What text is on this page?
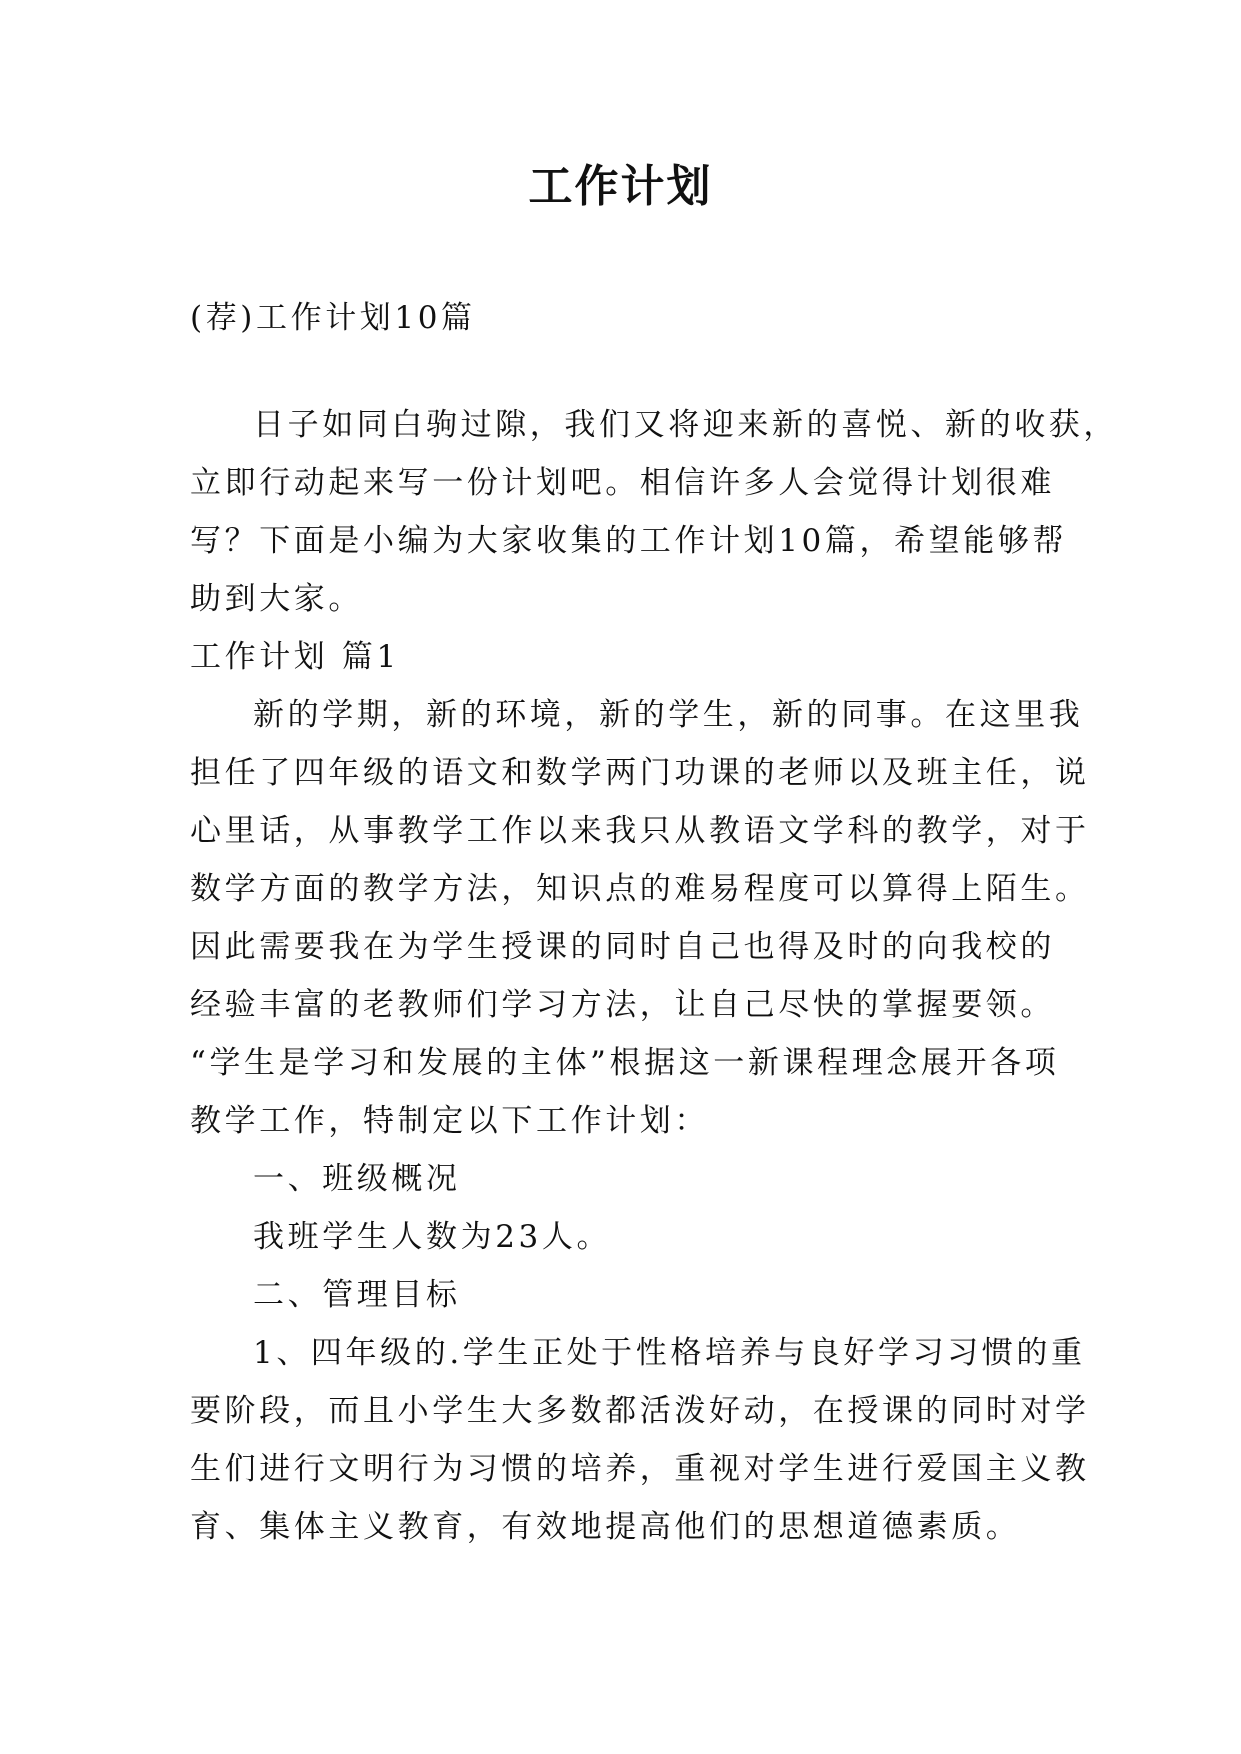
工作计划
(荐)工作计划10篇
日子如同白驹过隙，我们又将迎来新的喜悦、新的收获，
立即行动起来写一份计划吧。相信许多人会觉得计划很难
写？下面是小编为大家收集的工作计划10篇，希望能够帮
助到大家。
工作计划 篇1
新的学期，新的环境，新的学生，新的同事。在这里我
担任了四年级的语文和数学两门功课的老师以及班主任，说
心里话，从事教学工作以来我只从教语文学科的教学，对于
数学方面的教学方法，知识点的难易程度可以算得上陌生。
因此需要我在为学生授课的同时自己也得及时的向我校的
经验丰富的老教师们学习方法，让自己尽快的掌握要领。
“学生是学习和发展的主体”根据这一新课程理念展开各项
教学工作，特制定以下工作计划：
一、班级概况
我班学生人数为23人。
二、管理目标
1、四年级的.学生正处于性格培养与良好学习习惯的重
要阶段，而且小学生大多数都活泼好动，在授课的同时对学
生们进行文明行为习惯的培养，重视对学生进行爱国主义教
育、集体主义教育，有效地提高他们的思想道德素质。
